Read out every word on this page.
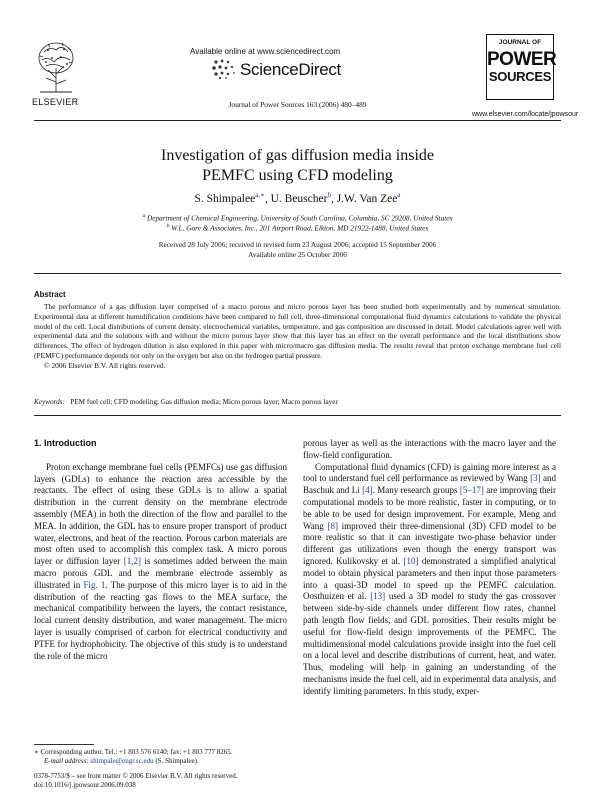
ELSEVIER
Available online at www.sciencedirect.com
ScienceDirect
Journal of Power Sources 163 (2006) 480–489
JOURNAL OF
POWER
SOURCES
www.elsevier.com/locate/jpowsour
Investigation of gas diffusion media inside
PEMFC using CFD modeling
S. Shimpalee$^{a,∗}$, U. Beuscher$^b$, J.W. Van Zee$^a$
$^a$ Department of Chemical Engineering, University of South Carolina, Columbia, SC 29208, United States
$^b$ W.L. Gore & Associates, Inc., 201 Airport Road, Elkton, MD 21922-1488, United States
Received 28 July 2006; received in revised form 23 August 2006; accepted 15 September 2006
Available online 25 October 2006
Abstract

The performance of a gas diffusion layer comprised of a macro porous and micro porous layer has been studied both experimentally and by numerical simulation. Experimental data at different humidification conditions have been compared to full cell, three-dimensional computational fluid dynamics calculations to validate the physical model of the cell. Local distributions of current density, electrochemical variables, temperature, and gas composition are discussed in detail. Model calculations agree well with experimental data and the solutions with and without the micro porous layer show that this layer has an effect on the overall performance and the local distributions show differences. The effect of hydrogen dilution is also explored in this paper with micro/macro gas diffusion media. The results reveal that proton exchange membrane fuel cell (PEMFC) performance depends not only on the oxygen but also on the hydrogen partial pressure.

© 2006 Elsevier B.V. All rights reserved.

Keywords: PEM fuel cell; CFD modeling; Gas diffusion media; Micro porous layer; Macro porous layer
1. Introduction

Proton exchange membrane fuel cells (PEMFCs) use gas diffusion layers (GDLs) to enhance the reaction area accessible by the reactants. The effect of using these GDLs is to allow a spatial distribution in the current density on the membrane electrode assembly (MEA) in both the direction of the flow and parallel to the MEA. In addition, the GDL has to ensure proper transport of product water, electrons, and heat of the reaction. Porous carbon materials are most often used to accomplish this complex task. A micro porous layer or diffusion layer [1,2] is sometimes added between the main macro porous GDL and the membrane electrode assembly as illustrated in Fig. 1. The purpose of this micro layer is to aid in the distribution of the reacting gas flows to the MEA surface, the mechanical compatibility between the layers, the contact resistance, local current density distribution, and water management. The micro layer is usually comprised of carbon for electrical conductivity and PTFE for hydrophobicity. The objective of this study is to understand the role of the micro

porous layer as well as the interactions with the macro layer and the flow-field configuration.

Computational fluid dynamics (CFD) is gaining more interest as a tool to understand fuel cell performance as reviewed by Wang [3] and Baschuk and Li [4]. Many research groups [5–17] are improving their computational models to be more realistic, faster in computing, or to be able to be used for design improvement. For example, Meng and Wang [8] improved their three-dimensional (3D) CFD model to be more realistic so that it can investigate two-phase behavior under different gas utilizations even though the energy transport was ignored. Kulikovsky et al. [10] demonstrated a simplified analytical model to obtain physical parameters and then input those parameters into a quasi-3D model to speed up the PEMFC calculation. Oosthuizen et al. [13] used a 3D model to study the gas crossover between side-by-side channels under different flow rates, channel path length flow fields, and GDL porosities. Their results might be useful for flow-field design improvements of the PEMFC. The multidimensional model calculations provide insight into the fuel cell on a local level and describe distributions of current, heat, and water. Thus, modeling will help in gaining an understanding of the mechanisms inside the fuel cell, aid in experimental data analysis, and identify limiting parameters. In this study, exper-

∗ Corresponding author. Tel.: +1 803 576 6140; fax: +1 803 777 8265.
E-mail address: shimpale@engr.sc.edu (S. Shimpalee).
0378-7753/$ – see front matter © 2006 Elsevier B.V. All rights reserved.
doi:10.1016/j.jpowsour.2006.09.038
